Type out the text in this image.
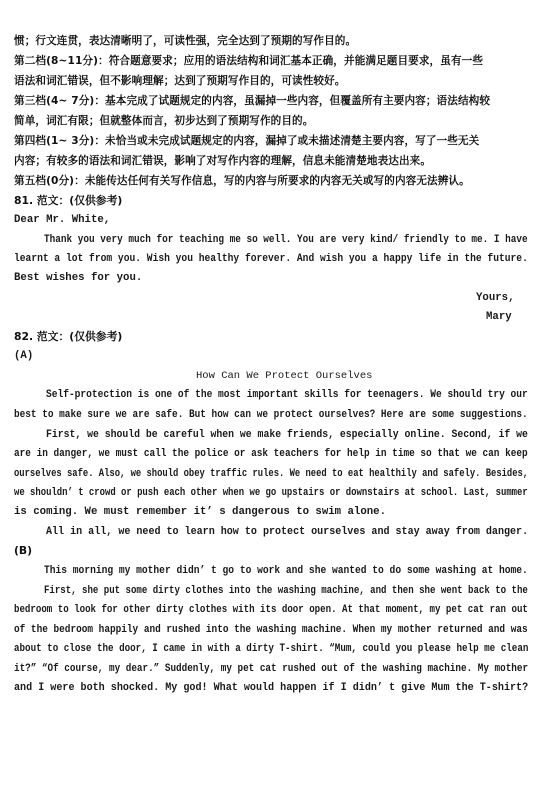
惯；行文连贯，表达清晰明了，可读性强，完全达到了预期的写作目的。
第二档(8~11分)：符合题意要求；应用的语法结构和词汇基本正确，并能满足题目要求，虽有一些
语法和词汇错误，但不影响理解；达到了预期写作目的，可读性较好。
第三档(4~ 7分)：基本完成了试题规定的内容，虽漏掉一些内容，但覆盖所有主要内容；语法结构较
简单，词汇有限；但就整体而言，初步达到了预期写作的目的。
第四档(1~ 3分)：未恰当或未完成试题规定的内容，漏掉了或未描述清楚主要内容，写了一些无关
内容；有较多的语法和词汇错误，影响了对写作内容的理解，信息未能清楚地表达出来。
第五档(0分)：未能传达任何有关写作信息，写的内容与所要求的内容无关或写的内容无法辨认。
81. 范文：(仅供参考)
Dear Mr. White,
Thank you very much for teaching me so well. You are very kind/ friendly to me. I have
learnt a lot from you. Wish you healthy forever. And wish you a happy life in the future.
Best wishes for you.
Yours,
Mary
82. 范文：(仅供参考)
(A)
How Can We Protect Ourselves
Self-protection is one of the most important skills for teenagers. We should try our
best to make sure we are safe. But how can we protect ourselves? Here are some suggestions.
First, we should be careful when we make friends, especially online. Second, if we
are in danger, we must call the police or ask teachers for help in time so that we can keep
ourselves safe. Also, we should obey traffic rules. We need to eat healthily and safely. Besides,
we shouldn’ t crowd or push each other when we go upstairs or downstairs at school. Last, summer
is coming. We must remember it’ s dangerous to swim alone.
All in all, we need to learn how to protect ourselves and stay away from danger.
(B)
This morning my mother didn’ t go to work and she wanted to do some washing at home.
First, she put some dirty clothes into the washing machine, and then she went back to the
bedroom to look for other dirty clothes with its door open. At that moment, my pet cat ran out
of the bedroom happily and rushed into the washing machine. When my mother returned and was
about to close the door, I came in with a dirty T-shirt. “Mum, could you please help me clean
it?” “Of course, my dear.” Suddenly, my pet cat rushed out of the washing machine. My mother
and I were both shocked. My god! What would happen if I didn’ t give Mum the T-shirt?
